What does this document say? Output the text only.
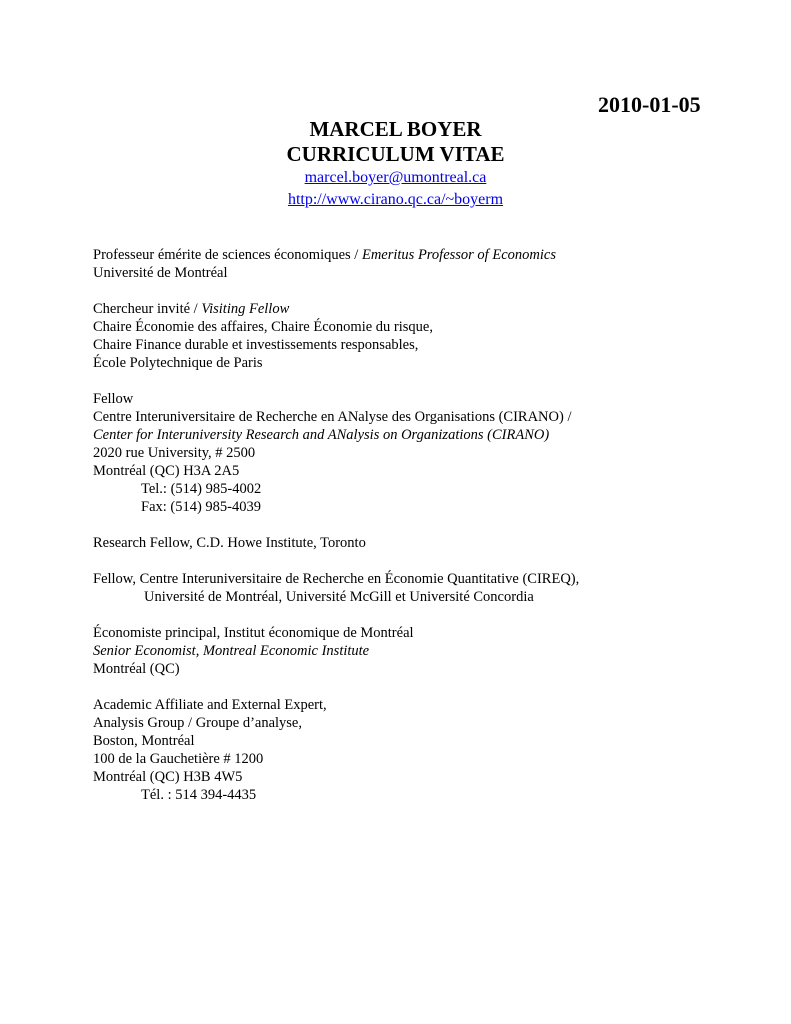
2010-01-05
MARCEL BOYER
CURRICULUM VITAE
marcel.boyer@umontreal.ca
http://www.cirano.qc.ca/~boyerm

Professeur émérite de sciences économiques / Emeritus Professor of Economics
Université de Montréal

Chercheur invité / Visiting Fellow
Chaire Économie des affaires, Chaire Économie du risque,
Chaire Finance durable et investissements responsables,
École Polytechnique de Paris

Fellow
Centre Interuniversitaire de Recherche en ANalyse des Organisations (CIRANO) /
Center for Interuniversity Research and ANalysis on Organizations (CIRANO)
2020 rue University, # 2500
Montréal (QC) H3A 2A5
Tel.: (514) 985-4002
Fax: (514) 985-4039

Research Fellow, C.D. Howe Institute, Toronto

Fellow, Centre Interuniversitaire de Recherche en Économie Quantitative (CIREQ),
Université de Montréal, Université McGill et Université Concordia

Économiste principal, Institut économique de Montréal
Senior Economist, Montreal Economic Institute
Montréal (QC)

Academic Affiliate and External Expert,
Analysis Group / Groupe d’analyse,
Boston, Montréal
100 de la Gauchetière # 1200
Montréal (QC) H3B 4W5
Tél. : 514 394-4435
